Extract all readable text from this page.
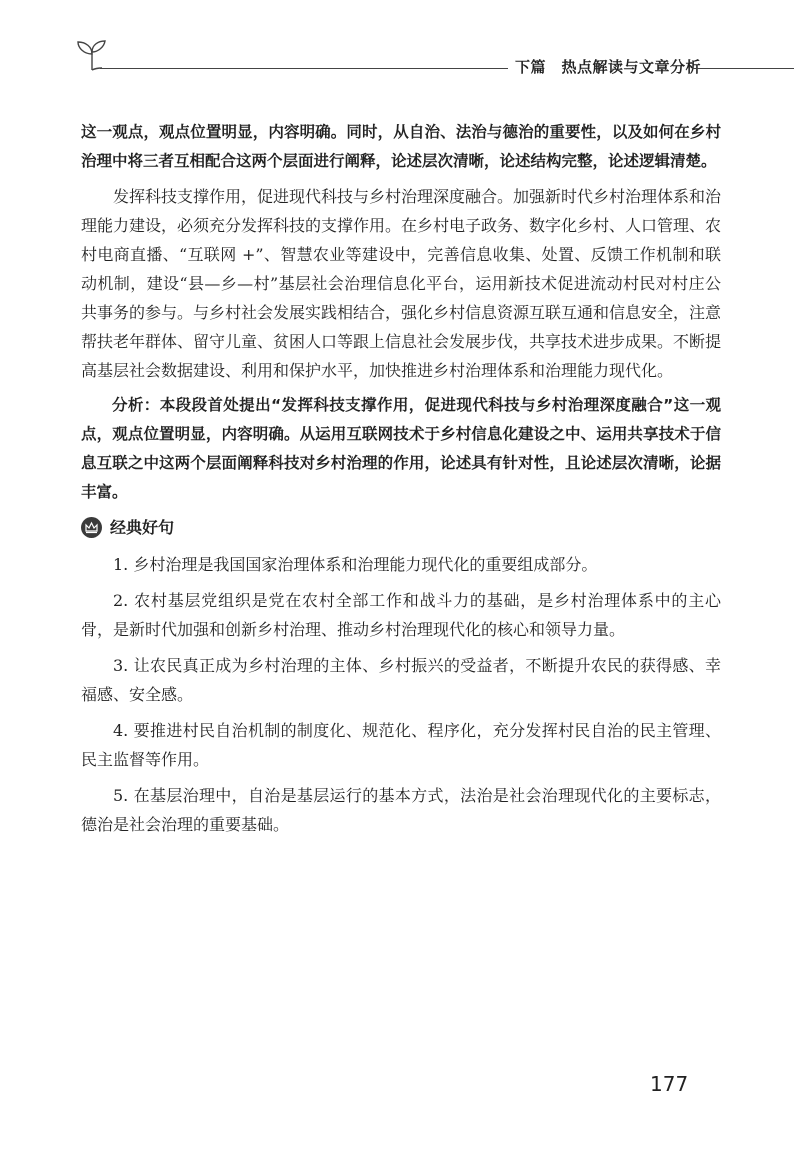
下篇　热点解读与文章分析

这一观点，观点位置明显，内容明确。同时，从自治、法治与德治的重要性，以及如何在乡村治理中将三者互相配合这两个层面进行阐释，论述层次清晰，论述结构完整，论述逻辑清楚。

发挥科技支撑作用，促进现代科技与乡村治理深度融合。加强新时代乡村治理体系和治理能力建设，必须充分发挥科技的支撑作用。在乡村电子政务、数字化乡村、人口管理、农村电商直播、“互联网 +”、智慧农业等建设中，完善信息收集、处置、反馈工作机制和联动机制，建设“县—乡—村”基层社会治理信息化平台，运用新技术促进流动村民对村庄公共事务的参与。与乡村社会发展实践相结合，强化乡村信息资源互联互通和信息安全，注意帮扶老年群体、留守儿童、贫困人口等跟上信息社会发展步伐，共享技术进步成果。不断提高基层社会数据建设、利用和保护水平，加快推进乡村治理体系和治理能力现代化。

分析：本段段首处提出“发挥科技支撑作用，促进现代科技与乡村治理深度融合”这一观点，观点位置明显，内容明确。从运用互联网技术于乡村信息化建设之中、运用共享技术于信息互联之中这两个层面阐释科技对乡村治理的作用，论述具有针对性，且论述层次清晰，论据丰富。

经典好句

1. 乡村治理是我国国家治理体系和治理能力现代化的重要组成部分。

2. 农村基层党组织是党在农村全部工作和战斗力的基础，是乡村治理体系中的主心骨，是新时代加强和创新乡村治理、推动乡村治理现代化的核心和领导力量。

3. 让农民真正成为乡村治理的主体、乡村振兴的受益者，不断提升农民的获得感、幸福感、安全感。

4. 要推进村民自治机制的制度化、规范化、程序化，充分发挥村民自治的民主管理、民主监督等作用。

5. 在基层治理中，自治是基层运行的基本方式，法治是社会治理现代化的主要标志，德治是社会治理的重要基础。

177
